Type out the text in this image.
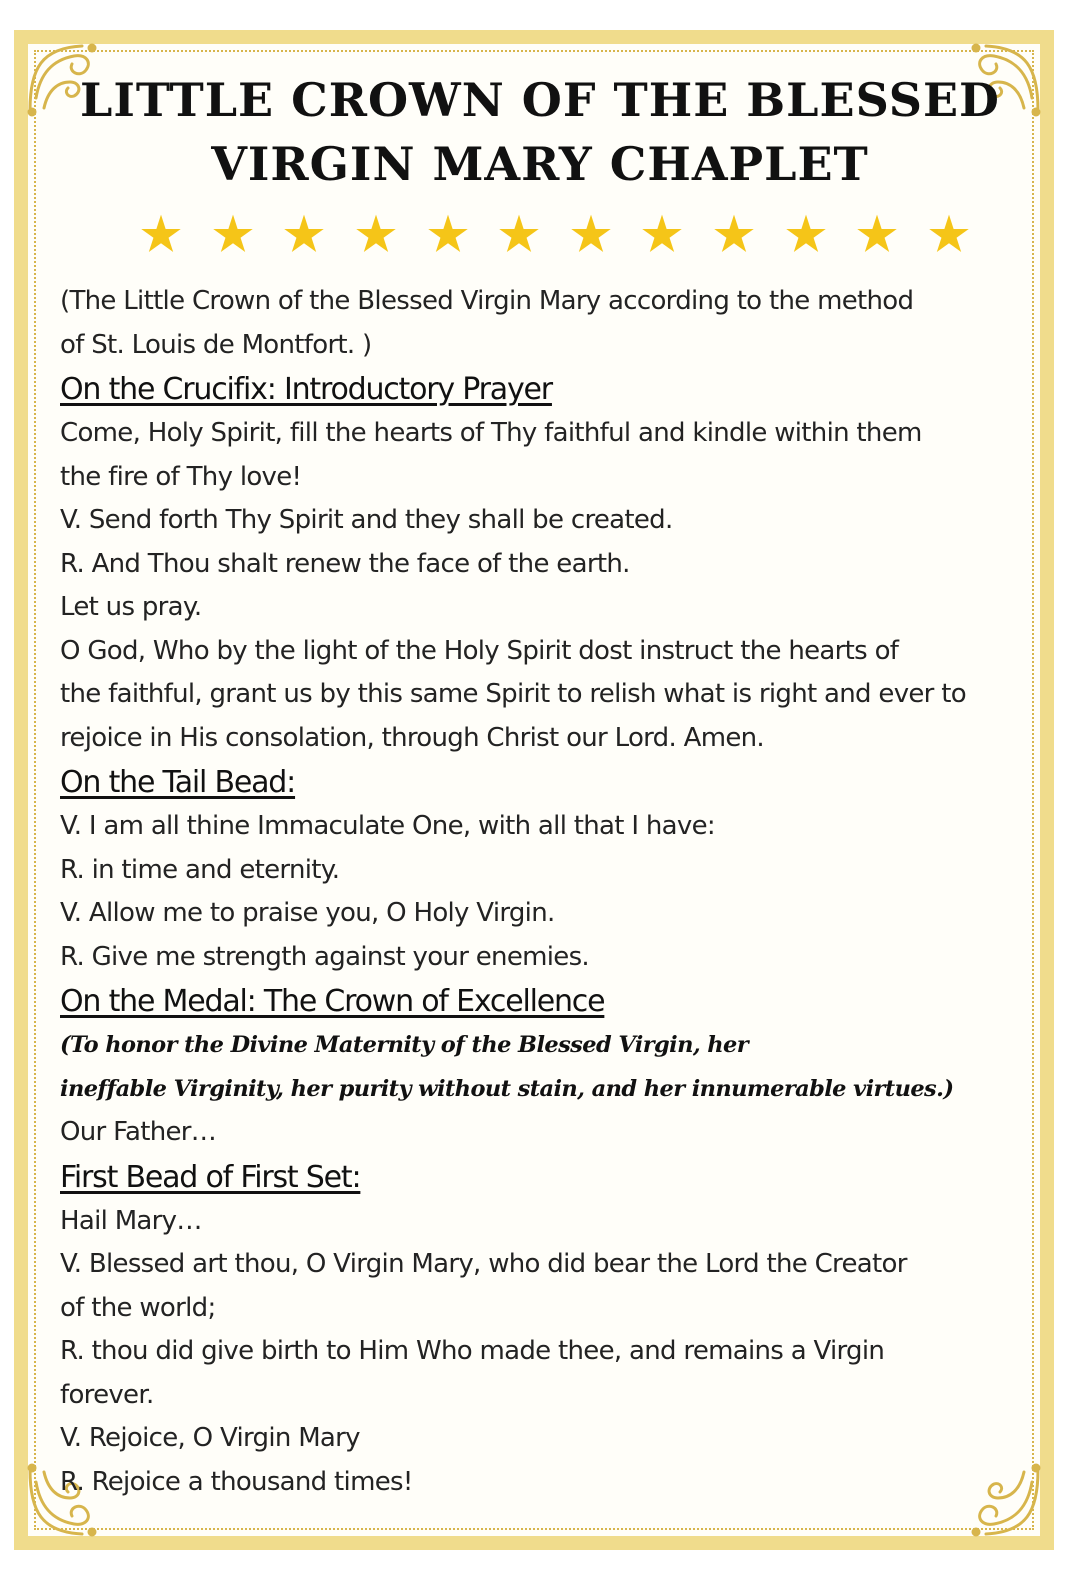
LITTLE CROWN OF THE BLESSED
VIRGIN MARY CHAPLET
(The Little Crown of the Blessed Virgin Mary according to the method
of St. Louis de Montfort. )
On the Crucifix: Introductory Prayer
Come, Holy Spirit, fill the hearts of Thy faithful and kindle within them
the fire of Thy love!
V. Send forth Thy Spirit and they shall be created.
R. And Thou shalt renew the face of the earth.
Let us pray.
O God, Who by the light of the Holy Spirit dost instruct the hearts of
the faithful, grant us by this same Spirit to relish what is right and ever to
rejoice in His consolation, through Christ our Lord. Amen.
On the Tail Bead:
V. I am all thine Immaculate One, with all that I have:
R. in time and eternity.
V. Allow me to praise you, O Holy Virgin.
R. Give me strength against your enemies.
On the Medal: The Crown of Excellence
(To honor the Divine Maternity of the Blessed Virgin, her
ineffable Virginity, her purity without stain, and her innumerable virtues.)
Our Father…
First Bead of First Set:
Hail Mary…
V. Blessed art thou, O Virgin Mary, who did bear the Lord the Creator
of the world;
R. thou did give birth to Him Who made thee, and remains a Virgin
forever.
V. Rejoice, O Virgin Mary
R. Rejoice a thousand times!
